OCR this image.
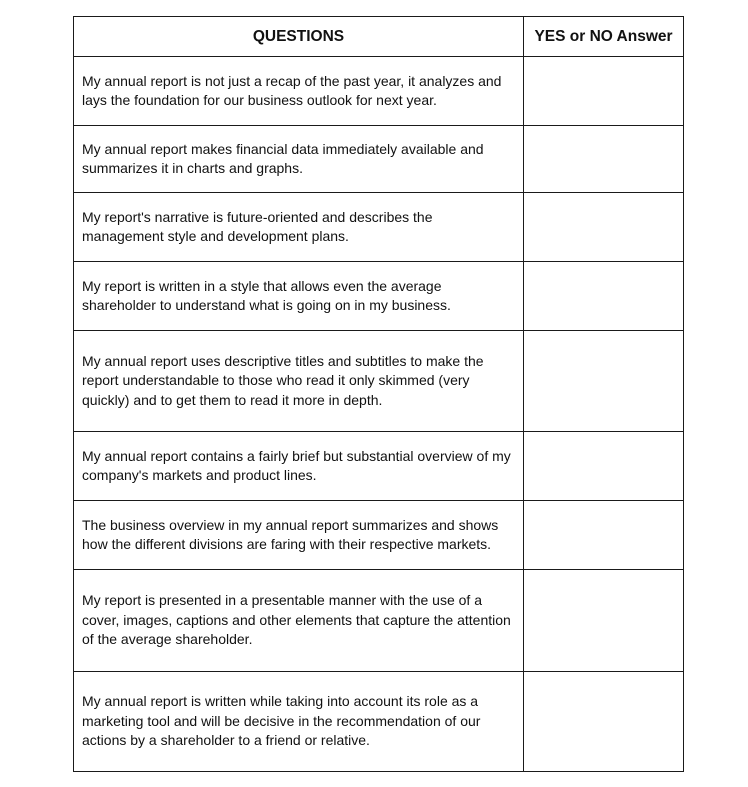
QUESTIONS	YES or NO Answer
My annual report is not just a recap of the past year, it analyzes and lays the foundation for our business outlook for next year.	
My annual report makes financial data immediately available and summarizes it in charts and graphs.	
My report's narrative is future-oriented and describes the management style and development plans.	
My report is written in a style that allows even the average shareholder to understand what is going on in my business.	
My annual report uses descriptive titles and subtitles to make the report understandable to those who read it only skimmed (very quickly) and to get them to read it more in depth.	
My annual report contains a fairly brief but substantial overview of my company's markets and product lines.	
The business overview in my annual report summarizes and shows how the different divisions are faring with their respective markets.	
My report is presented in a presentable manner with the use of a cover, images, captions and other elements that capture the attention of the average shareholder.	
My annual report is written while taking into account its role as a marketing tool and will be decisive in the recommendation of our actions by a shareholder to a friend or relative.	
